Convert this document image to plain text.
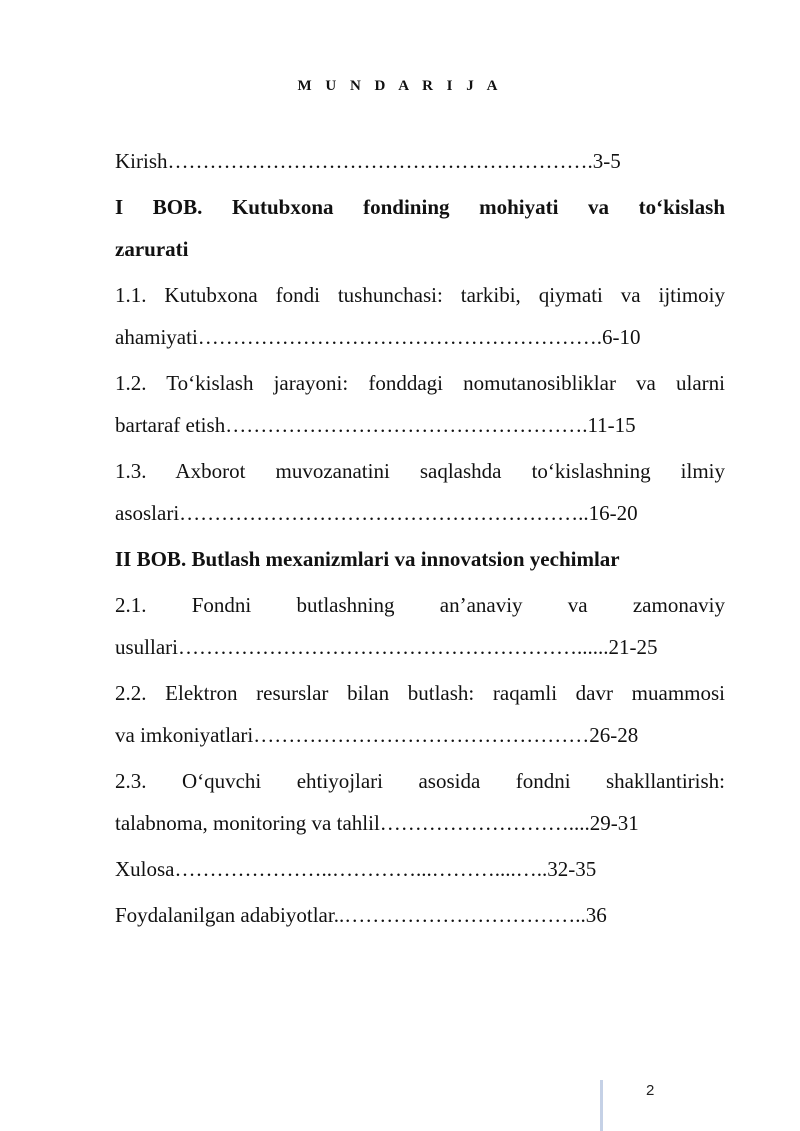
M U N D A R I J A

Kirish…………………………………………………….3-5

I BOB. Kutubxona fondining mohiyati va to‘kislash
zarurati

1.1. Kutubxona fondi tushunchasi: tarkibi, qiymati va ijtimoiy
ahamiyati………………………………………………….6-10

1.2. To‘kislash jarayoni: fonddagi nomutanosibliklar va ularni
bartaraf etish…………………………………………….11-15

1.3. Axborot muvozanatini saqlashda to‘kislashning ilmiy
asoslari…………………………………………………..16-20

II BOB. Butlash mexanizmlari va innovatsion yechimlar

2.1. Fondni butlashning an’anaviy va zamonaviy
usullari…………………………………………………......21-25

2.2. Elektron resurslar bilan butlash: raqamli davr muammosi
va imkoniyatlari…………………………………………26-28

2.3. O‘quvchi ehtiyojlari asosida fondni shakllantirish:
talabnoma, monitoring va tahlil………………………....29-31

Xulosa…………………..…………...………....…..32-35

Foydalanilgan adabiyotlar..……………………………..36

2
